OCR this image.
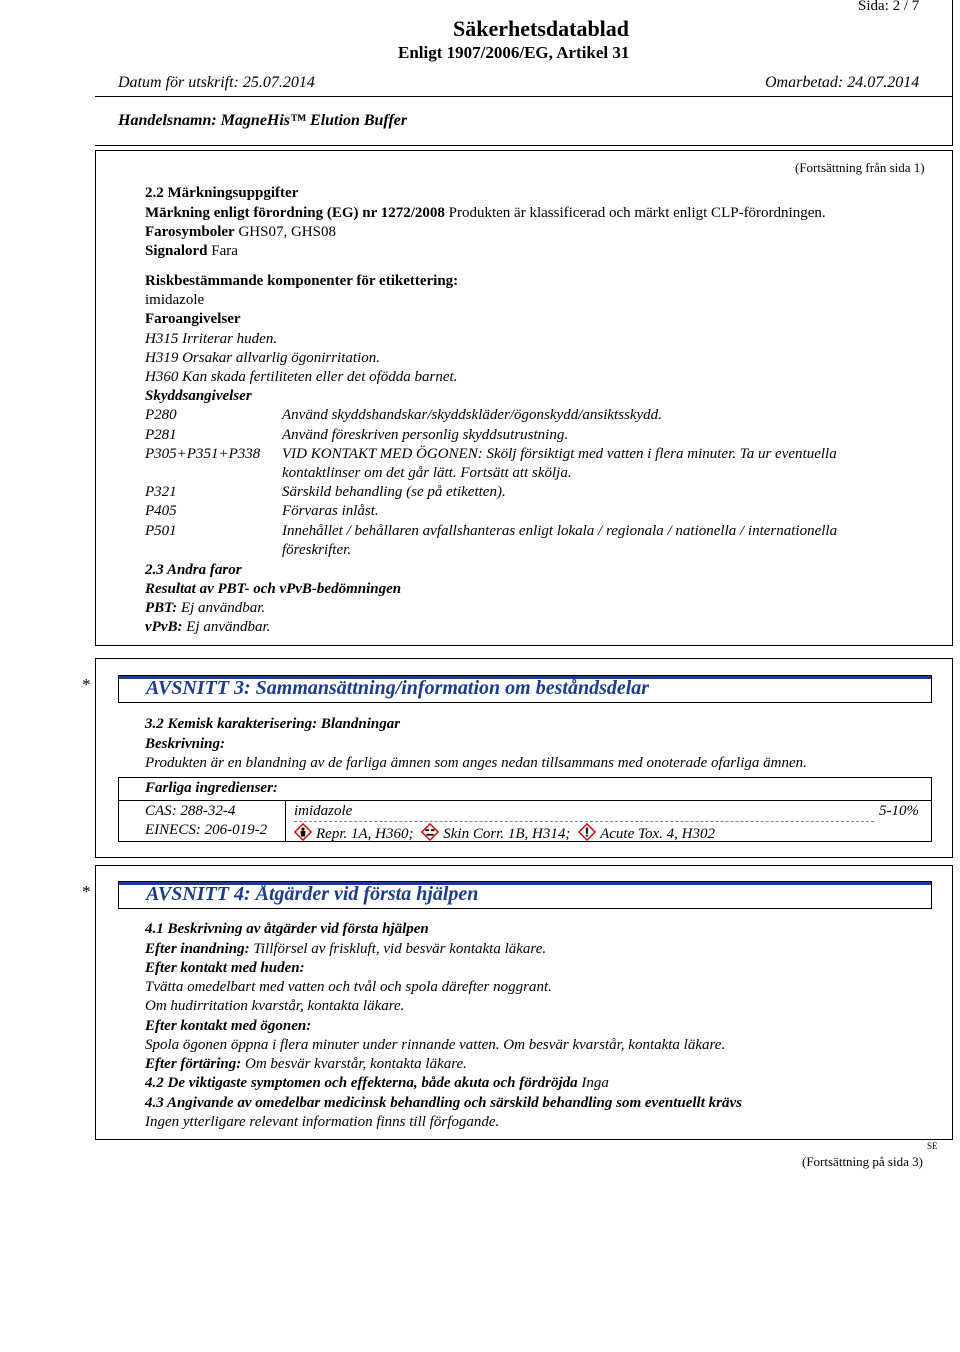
Sida: 2 / 7
Säkerhetsdatablad
Enligt 1907/2006/EG, Artikel 31
Datum för utskrift: 25.07.2014	Omarbetad: 24.07.2014
Handelsnamn: MagneHis™ Elution Buffer
(Fortsättning från sida 1)
2.2 Märkningsuppgifter
Märkning enligt förordning (EG) nr 1272/2008 Produkten är klassificerad och märkt enligt CLP-förordningen.
Farosymboler GHS07, GHS08
Signalord Fara
Riskbestämmande komponenter för etikettering:
imidazole
Faroangivelser
H315 Irriterar huden.
H319 Orsakar allvarlig ögonirritation.
H360 Kan skada fertiliteten eller det ofödda barnet.
Skyddsangivelser
P280	Använd skyddshandskar/skyddskläder/ögonskydd/ansiktsskydd.
P281	Använd föreskriven personlig skyddsutrustning.
P305+P351+P338 VID KONTAKT MED ÖGONEN: Skölj försiktigt med vatten i flera minuter. Ta ur eventuella
kontaktlinser om det går lätt. Fortsätt att skölja.
P321	Särskild behandling (se på etiketten).
P405	Förvaras inlåst.
P501	Innehållet / behållaren avfallshanteras enligt lokala / regionala / nationella / internationella
föreskrifter.
2.3 Andra faror
Resultat av PBT- och vPvB-bedömningen
PBT: Ej användbar.
vPvB: Ej användbar.
*	AVSNITT 3: Sammansättning/information om beståndsdelar
3.2 Kemisk karakterisering: Blandningar
Beskrivning:
Produkten är en blandning av de farliga ämnen som anges nedan tillsammans med onoterade ofarliga ämnen.
Farliga ingredienser:
CAS: 288-32-4
EINECS: 206-019-2
imidazole	5-10%
Repr. 1A, H360; Skin Corr. 1B, H314; Acute Tox. 4, H302
*	AVSNITT 4: Åtgärder vid första hjälpen
4.1 Beskrivning av åtgärder vid första hjälpen
Efter inandning: Tillförsel av friskluft, vid besvär kontakta läkare.
Efter kontakt med huden:
Tvätta omedelbart med vatten och tvål och spola därefter noggrant.
Om hudirritation kvarstår, kontakta läkare.
Efter kontakt med ögonen:
Spola ögonen öppna i flera minuter under rinnande vatten. Om besvär kvarstår, kontakta läkare.
Efter förtäring: Om besvär kvarstår, kontakta läkare.
4.2 De viktigaste symptomen och effekterna, både akuta och fördröjda Inga
4.3 Angivande av omedelbar medicinsk behandling och särskild behandling som eventuellt krävs
Ingen ytterligare relevant information finns till förfogande.
SE
(Fortsättning på sida 3)
